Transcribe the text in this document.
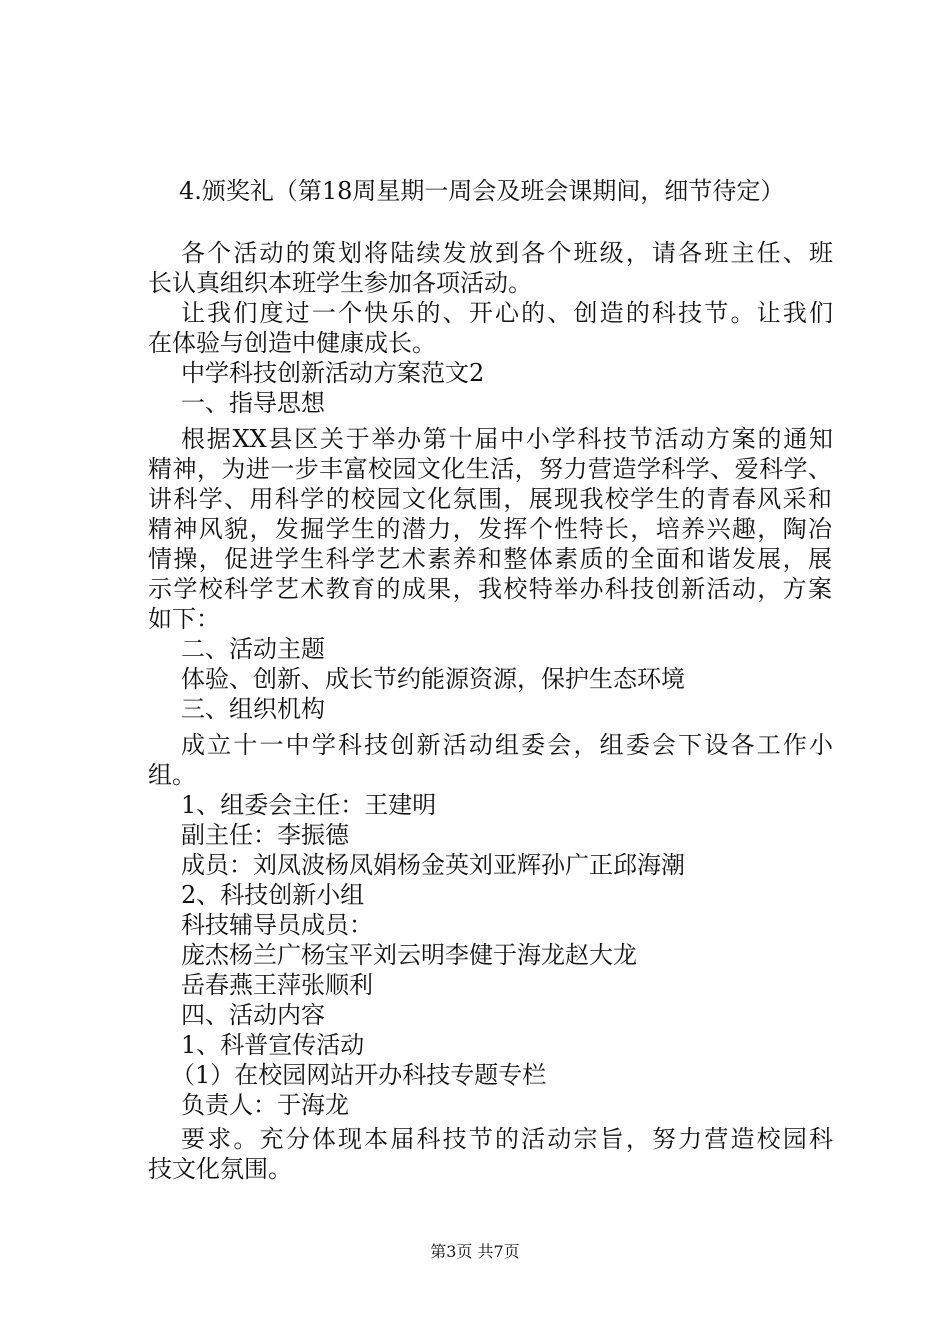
4.颁奖礼（第18周星期一周会及班会课期间，细节待定）
各个活动的策划将陆续发放到各个班级，请各班主任、班
长认真组织本班学生参加各项活动。
让我们度过一个快乐的、开心的、创造的科技节。让我们
在体验与创造中健康成长。
中学科技创新活动方案范文2
一、指导思想
根据XX县区关于举办第十届中小学科技节活动方案的通知
精神，为进一步丰富校园文化生活，努力营造学科学、爱科学、
讲科学、用科学的校园文化氛围，展现我校学生的青春风采和
精神风貌，发掘学生的潜力，发挥个性特长，培养兴趣，陶冶
情操，促进学生科学艺术素养和整体素质的全面和谐发展，展
示学校科学艺术教育的成果，我校特举办科技创新活动，方案
如下：
二、活动主题
体验、创新、成长节约能源资源，保护生态环境
三、组织机构
成立十一中学科技创新活动组委会，组委会下设各工作小
组。
1、组委会主任：王建明
副主任：李振德
成员：刘凤波杨凤娟杨金英刘亚辉孙广正邱海潮
2、科技创新小组
科技辅导员成员：
庞杰杨兰广杨宝平刘云明李健于海龙赵大龙
岳春燕王萍张顺利
四、活动内容
1、科普宣传活动
（1）在校园网站开办科技专题专栏
负责人：于海龙
要求。充分体现本届科技节的活动宗旨，努力营造校园科
技文化氛围。
第3页 共7页
